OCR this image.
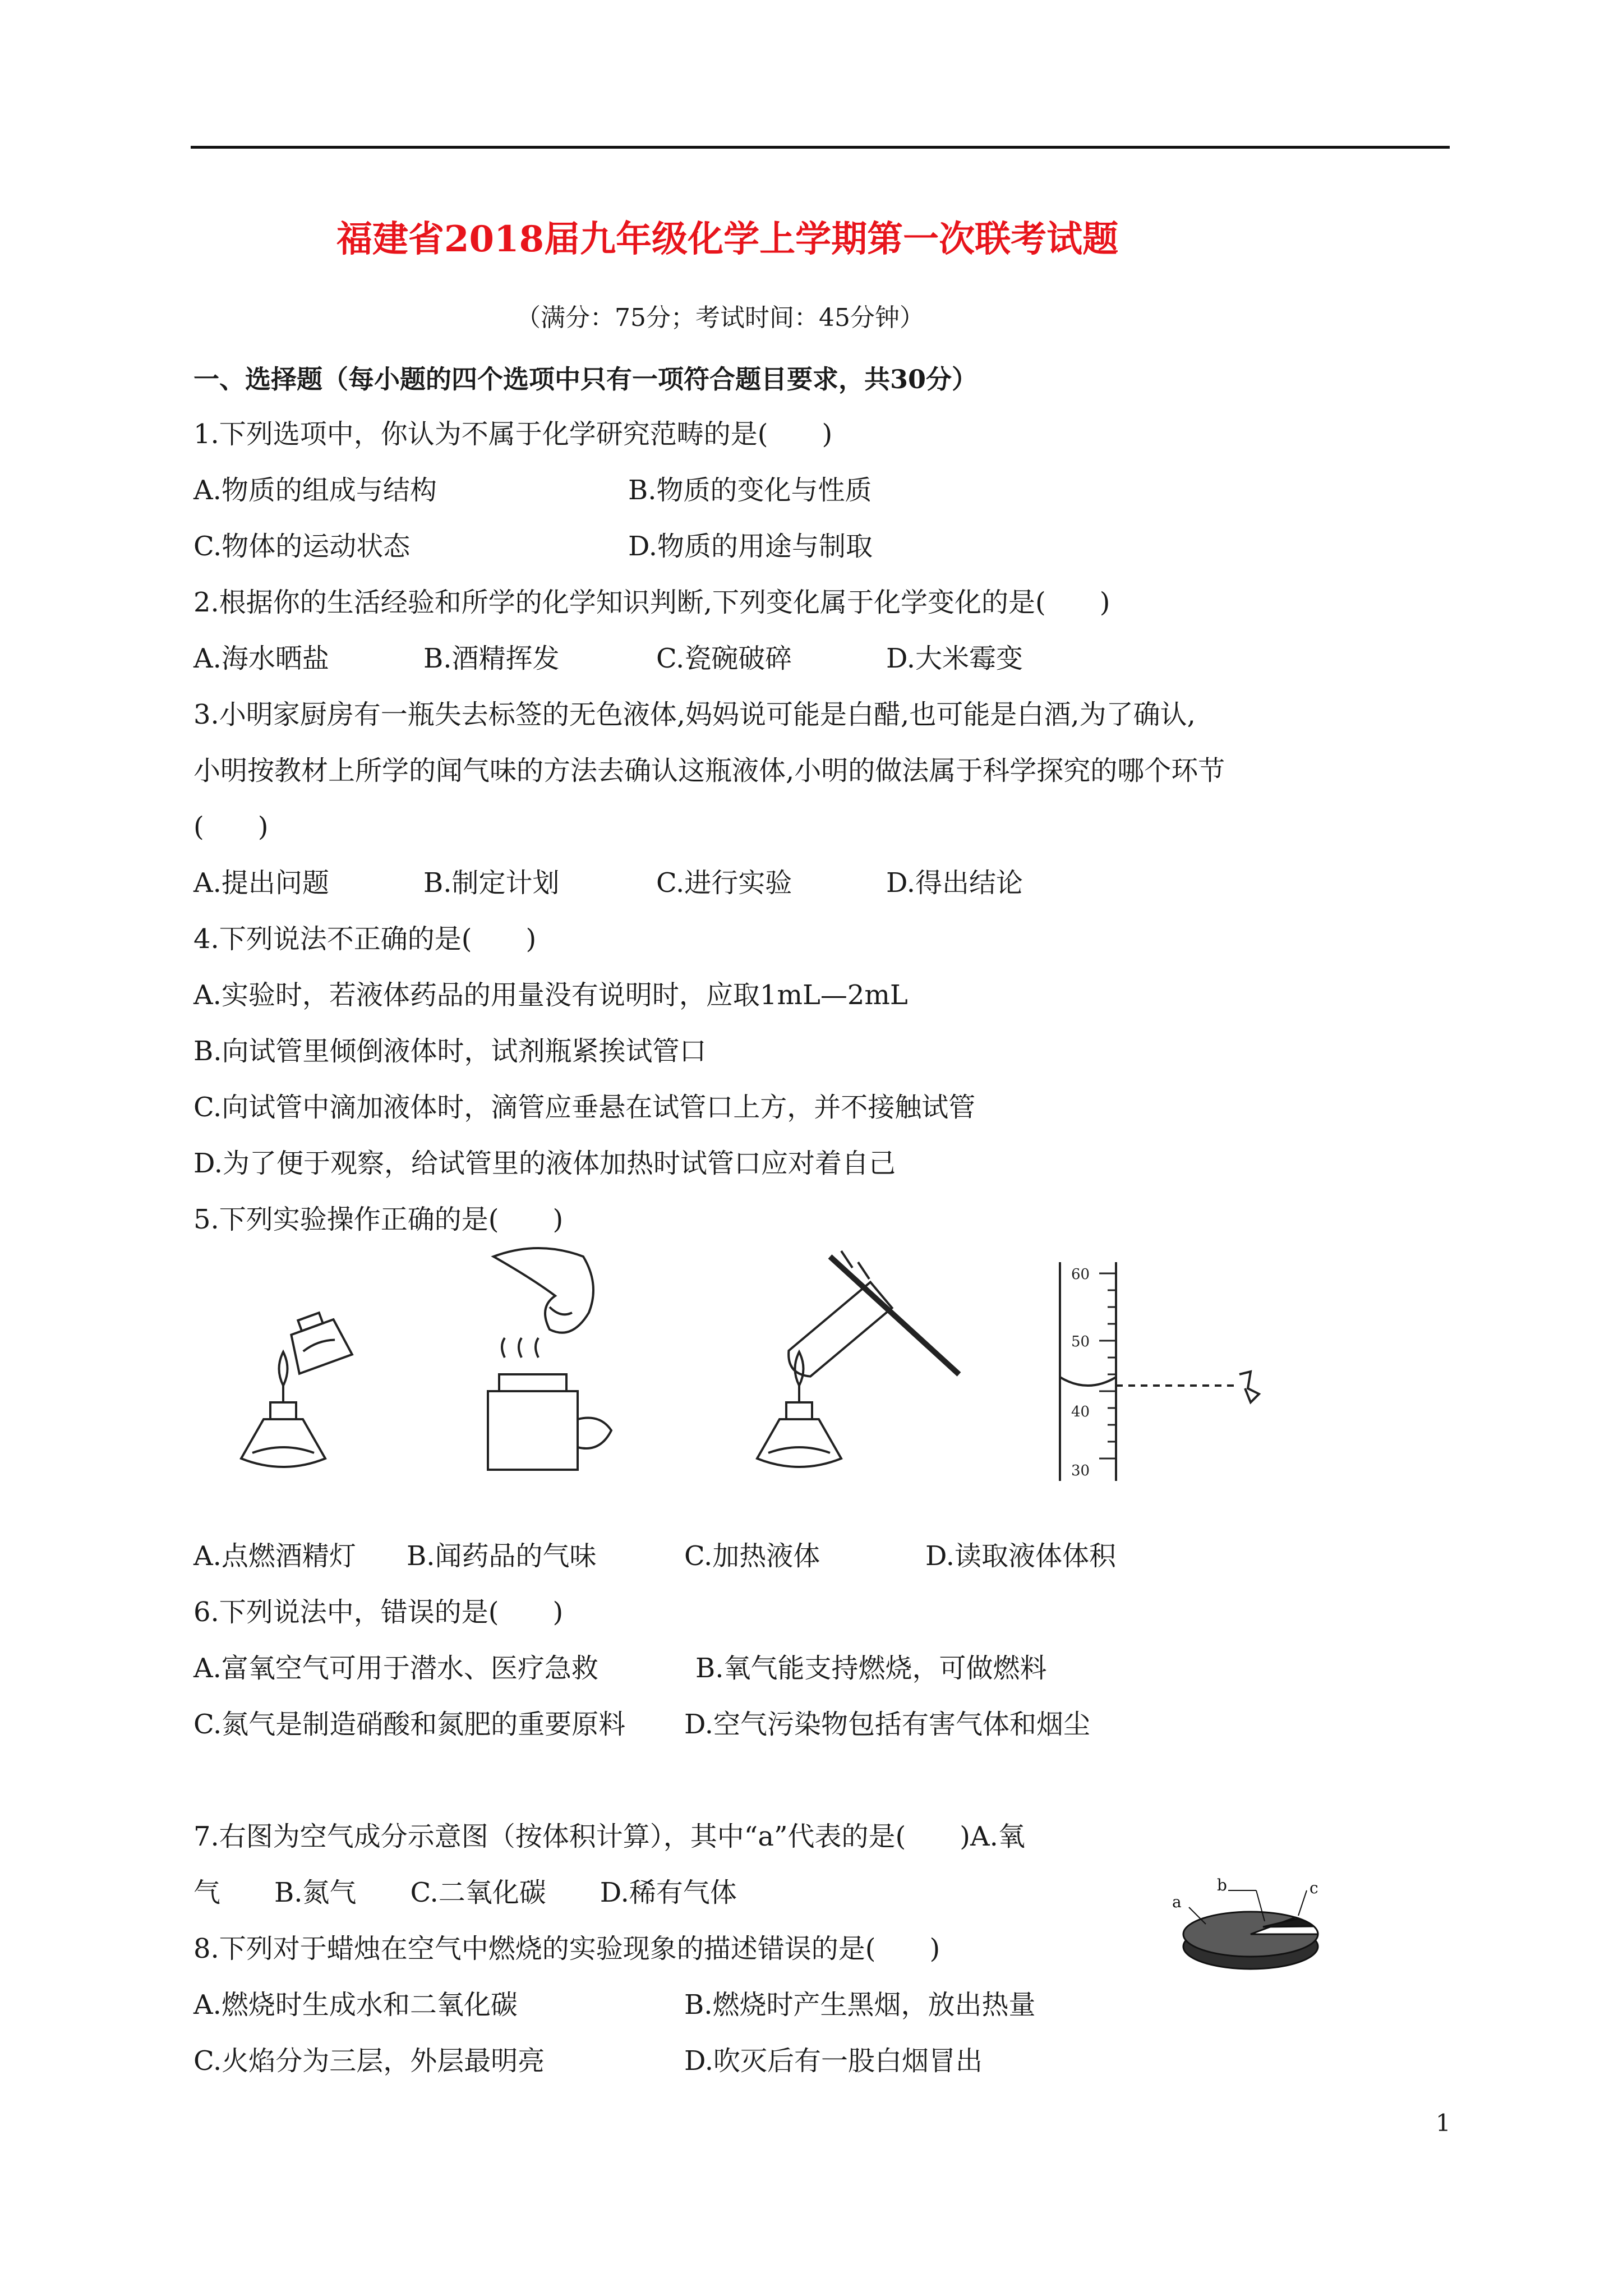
福建省2018届九年级化学上学期第一次联考试题
（满分：75分；考试时间：45分钟）
一、选择题（每小题的四个选项中只有一项符合题目要求，共30分）
1.下列选项中，你认为不属于化学研究范畴的是(　　)
A.物质的组成与结构	B.物质的变化与性质
C.物体的运动状态	D.物质的用途与制取
2.根据你的生活经验和所学的化学知识判断,下列变化属于化学变化的是(　　)
A.海水晒盐	B.酒精挥发	C.瓷碗破碎	D.大米霉变
3.小明家厨房有一瓶失去标签的无色液体,妈妈说可能是白醋,也可能是白酒,为了确认,
小明按教材上所学的闻气味的方法去确认这瓶液体,小明的做法属于科学探究的哪个环节
(　　)
A.提出问题	B.制定计划	C.进行实验	D.得出结论
4.下列说法不正确的是(　　)
A.实验时，若液体药品的用量没有说明时，应取1mL—2mL
B.向试管里倾倒液体时，试剂瓶紧挨试管口
C.向试管中滴加液体时，滴管应垂悬在试管口上方，并不接触试管
D.为了便于观察，给试管里的液体加热时试管口应对着自己
5.下列实验操作正确的是(　　)
60
50
40
30
A.点燃酒精灯 B.闻药品的气味	C.加热液体	D.读取液体体积
6.下列说法中，错误的是(　　)
A.富氧空气可用于潜水、医疗急救	B.氧气能支持燃烧，可做燃料
C.氮气是制造硝酸和氮肥的重要原料 D.空气污染物包括有害气体和烟尘
7.右图为空气成分示意图（按体积计算），其中“a”代表的是(　　)A.氧
气　　B.氮气　　C.二氧化碳　　D.稀有气体	a
b	c
8.下列对于蜡烛在空气中燃烧的实验现象的描述错误的是(　　)
A.燃烧时生成水和二氧化碳	B.燃烧时产生黑烟，放出热量
C.火焰分为三层，外层最明亮	D.吹灭后有一股白烟冒出
1
